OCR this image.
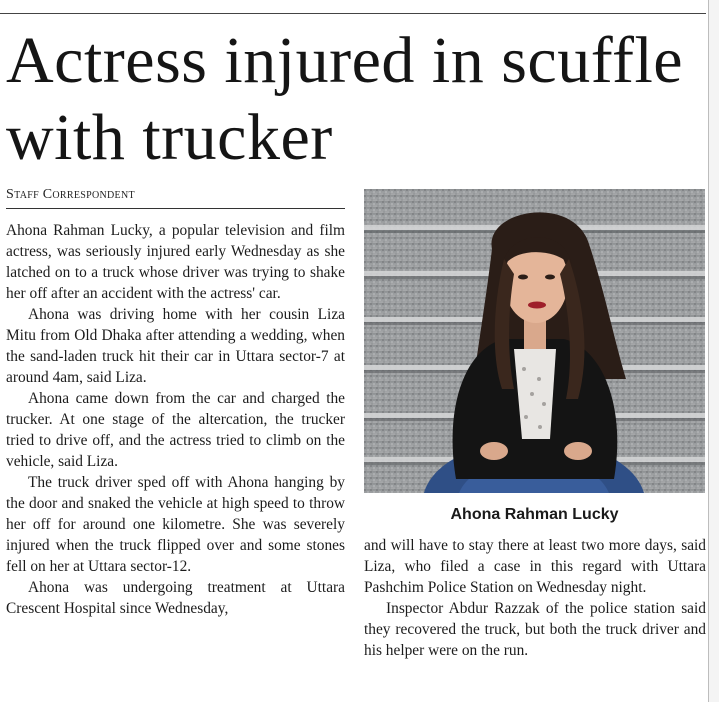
Actress injured in scuffle with trucker
Staff Correspondent

Ahona Rahman Lucky, a popular television and film actress, was seriously injured early Wednesday as she latched on to a truck whose driver was trying to shake her off after an accident with the actress' car.

Ahona was driving home with her cousin Liza Mitu from Old Dhaka after attending a wedding, when the sand-laden truck hit their car in Uttara sector-7 at around 4am, said Liza.

Ahona came down from the car and charged the trucker. At one stage of the altercation, the trucker tried to drive off, and the actress tried to climb on the vehicle, said Liza.

The truck driver sped off with Ahona hanging by the door and snaked the vehicle at high speed to throw her off for around one kilometre. She was severely injured when the truck flipped over and some stones fell on her at Uttara sector-12.

Ahona was undergoing treatment at Uttara Crescent Hospital since Wednesday,

Ahona Rahman Lucky

and will have to stay there at least two more days, said Liza, who filed a case in this regard with Uttara Pashchim Police Station on Wednesday night.

Inspector Abdur Razzak of the police station said they recovered the truck, but both the truck driver and his helper were on the run.
